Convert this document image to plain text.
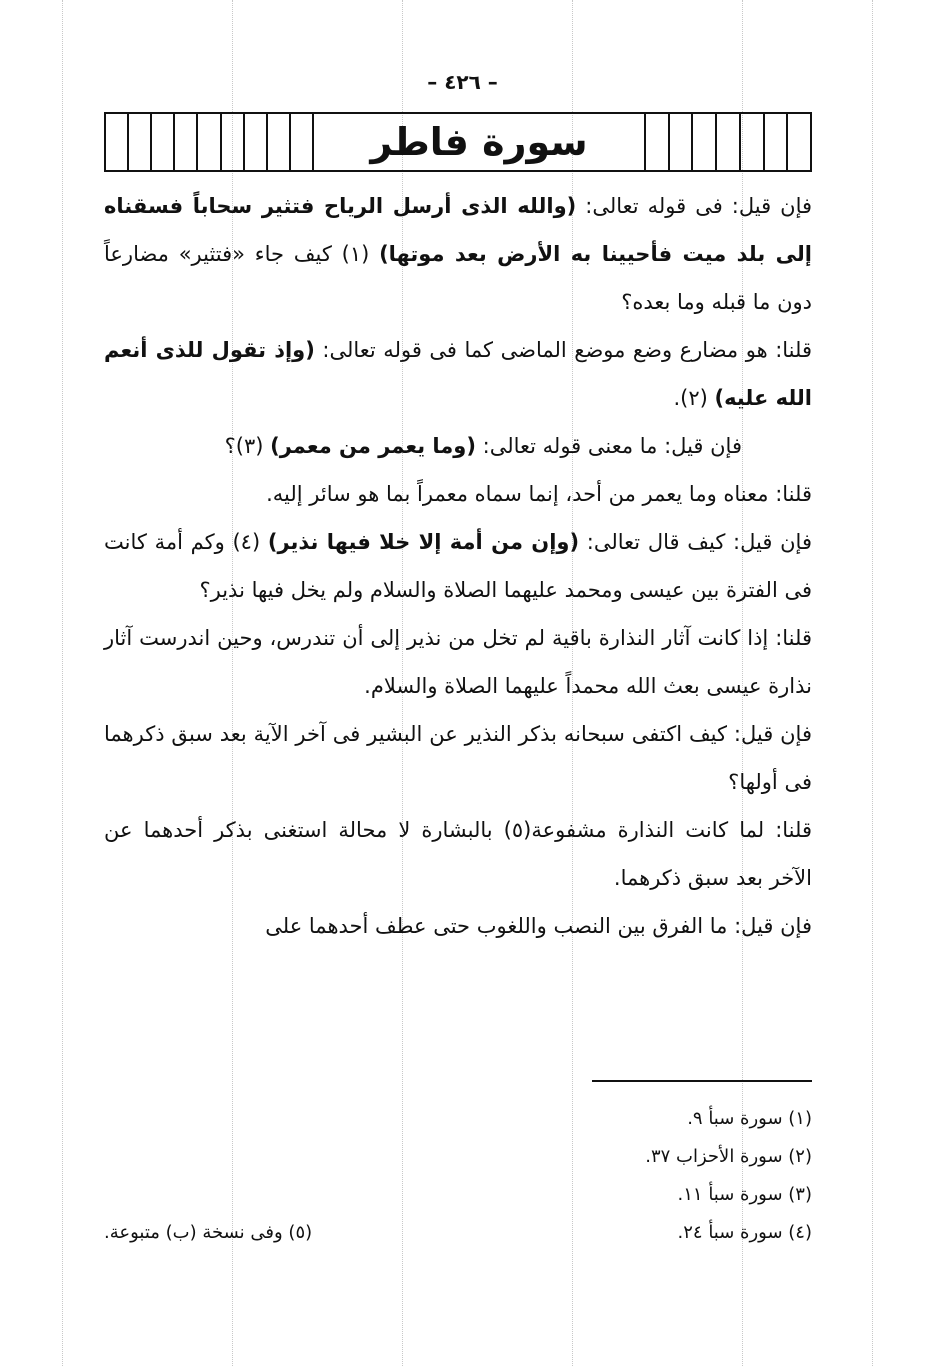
– ٤٢٦ –
سورة فاطر

فإن قيل: فى قوله تعالى: (والله الذى أرسل الرياح فتثير سحاباً فسقناه إلى بلد ميت فأحيينا به الأرض بعد موتها) (١) كيف جاء «فتثير» مضارعاً دون ما قبله وما بعده؟

قلنا: هو مضارع وضع موضع الماضى كما فى قوله تعالى: (وإذ تقول للذى أنعم الله عليه) (٢).

فإن قيل: ما معنى قوله تعالى: (وما يعمر من معمر) (٣)؟

قلنا: معناه وما يعمر من أحد، إنما سماه معمراً بما هو سائر إليه.

فإن قيل: كيف قال تعالى: (وإن من أمة إلا خلا فيها نذير) (٤) وكم أمة كانت فى الفترة بين عيسى ومحمد عليهما الصلاة والسلام ولم يخل فيها نذير؟

قلنا: إذا كانت آثار النذارة باقية لم تخل من نذير إلى أن تندرس، وحين اندرست آثار نذارة عيسى بعث الله محمداً عليهما الصلاة والسلام.

فإن قيل: كيف اكتفى سبحانه بذكر النذير عن البشير فى آخر الآية بعد سبق ذكرهما فى أولها؟

قلنا: لما كانت النذارة مشفوعة(٥) بالبشارة لا محالة استغنى بذكر أحدهما عن الآخر بعد سبق ذكرهما.

فإن قيل: ما الفرق بين النصب واللغوب حتى عطف أحدهما على

(١) سورة سبأ ٩.
(٢) سورة الأحزاب ٣٧.
(٣) سورة سبأ ١١.
(٤) سورة سبأ ٢٤.
(٥) وفى نسخة (ب) متبوعة.
